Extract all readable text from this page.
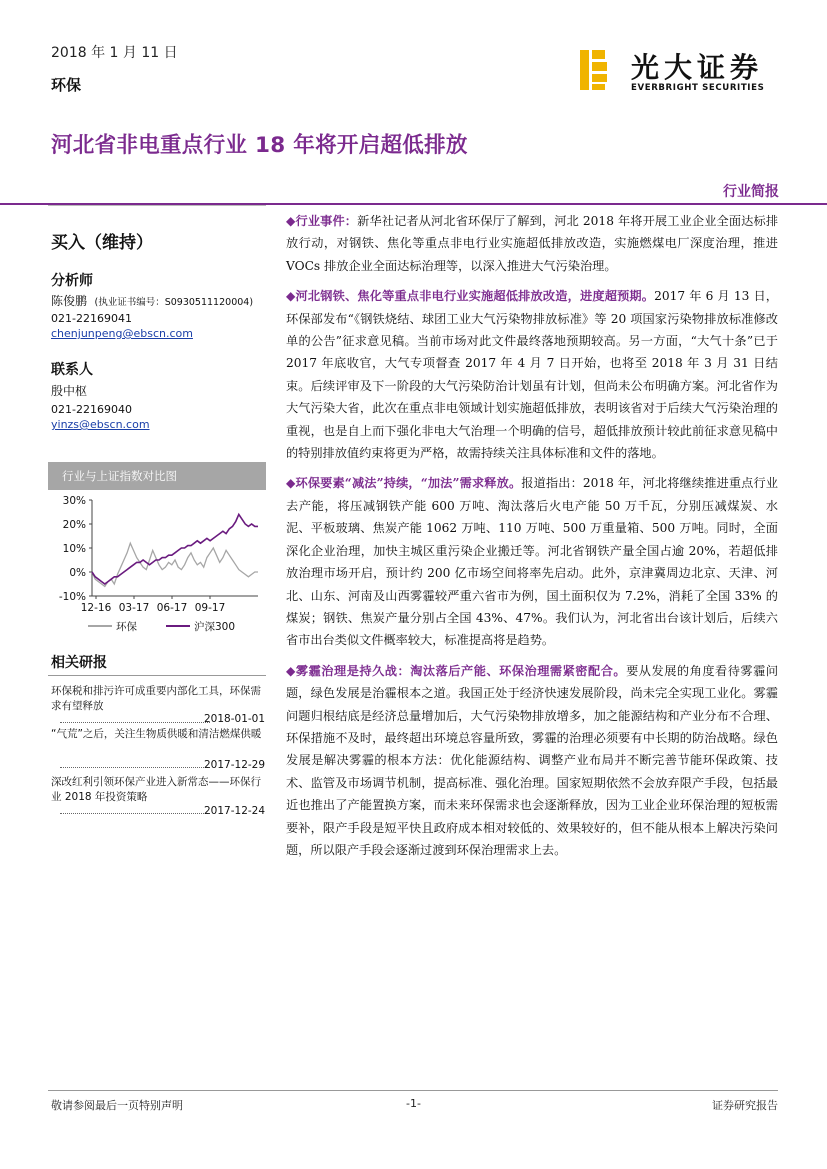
2018 年 1 月 11 日
环保
光大证券
EVERBRIGHT SECURITIES
河北省非电重点行业 18 年将开启超低排放
行业简报
买入（维持）
分析师
陈俊鹏 (执业证书编号：S0930511120004)
021-22169041
chenjunpeng@ebscn.com
联系人
殷中枢
021-22169040
yinzs@ebscn.com
行业与上证指数对比图
30%
20%
10%
0%
-10%
12-16 03-17 06-17 09-17
环保	沪深300
相关研报
环保税和排污许可成重要内部化工具，环保需求有望释放
2018-01-01
“气荒”之后，关注生物质供暖和清洁燃煤供暖
2017-12-29
深改红利引领环保产业进入新常态——环保行业 2018 年投资策略
2017-12-24

◆行业事件：新华社记者从河北省环保厅了解到，河北 2018 年将开展工业企业全面达标排放行动，对钢铁、焦化等重点非电行业实施超低排放改造，实施燃煤电厂深度治理，推进 VOCs 排放企业全面达标治理等，以深入推进大气污染治理。

◆河北钢铁、焦化等重点非电行业实施超低排放改造，进度超预期。2017 年 6 月 13 日，环保部发布“《钢铁烧结、球团工业大气污染物排放标准》等 20 项国家污染物排放标准修改单的公告”征求意见稿。当前市场对此文件最终落地预期较高。另一方面，“大气十条”已于 2017 年底收官，大气专项督查 2017 年 4 月 7 日开始，也将至 2018 年 3 月 31 日结束。后续评审及下一阶段的大气污染防治计划虽有计划，但尚未公布明确方案。河北省作为大气污染大省，此次在重点非电领域计划实施超低排放，表明该省对于后续大气污染治理的重视，也是自上而下强化非电大气治理一个明确的信号，超低排放预计较此前征求意见稿中的特别排放值约束将更为严格，故需持续关注具体标准和文件的落地。

◆环保要素“减法”持续，“加法”需求释放。报道指出：2018 年，河北将继续推进重点行业去产能，将压减钢铁产能 600 万吨、淘汰落后火电产能 50 万千瓦，分别压减煤炭、水泥、平板玻璃、焦炭产能 1062 万吨、110 万吨、500 万重量箱、500 万吨。同时，全面深化企业治理，加快主城区重污染企业搬迁等。河北省钢铁产量全国占逾 20%，若超低排放治理市场开启，预计约 200 亿市场空间将率先启动。此外，京津冀周边北京、天津、河北、山东、河南及山西雾霾较严重六省市为例，国土面积仅为 7.2%，消耗了全国 33% 的煤炭；钢铁、焦炭产量分别占全国 43%、47%。我们认为，河北省出台该计划后，后续六省市出台类似文件概率较大，标准提高将是趋势。

◆雾霾治理是持久战：淘汰落后产能、环保治理需紧密配合。要从发展的角度看待雾霾问题，绿色发展是治霾根本之道。我国正处于经济快速发展阶段，尚未完全实现工业化。雾霾问题归根结底是经济总量增加后，大气污染物排放增多，加之能源结构和产业分布不合理、环保措施不及时，最终超出环境总容量所致，雾霾的治理必须要有中长期的防治战略。绿色发展是解决雾霾的根本方法：优化能源结构、调整产业布局并不断完善节能环保政策、技术、监管及市场调节机制，提高标准、强化治理。国家短期依然不会放弃限产手段，包括最近也推出了产能置换方案，而未来环保需求也会逐渐释放，因为工业企业环保治理的短板需要补，限产手段是短平快且政府成本相对较低的、效果较好的，但不能从根本上解决污染问题，所以限产手段会逐渐过渡到环保治理需求上去。

敬请参阅最后一页特别声明	-1-	证券研究报告
